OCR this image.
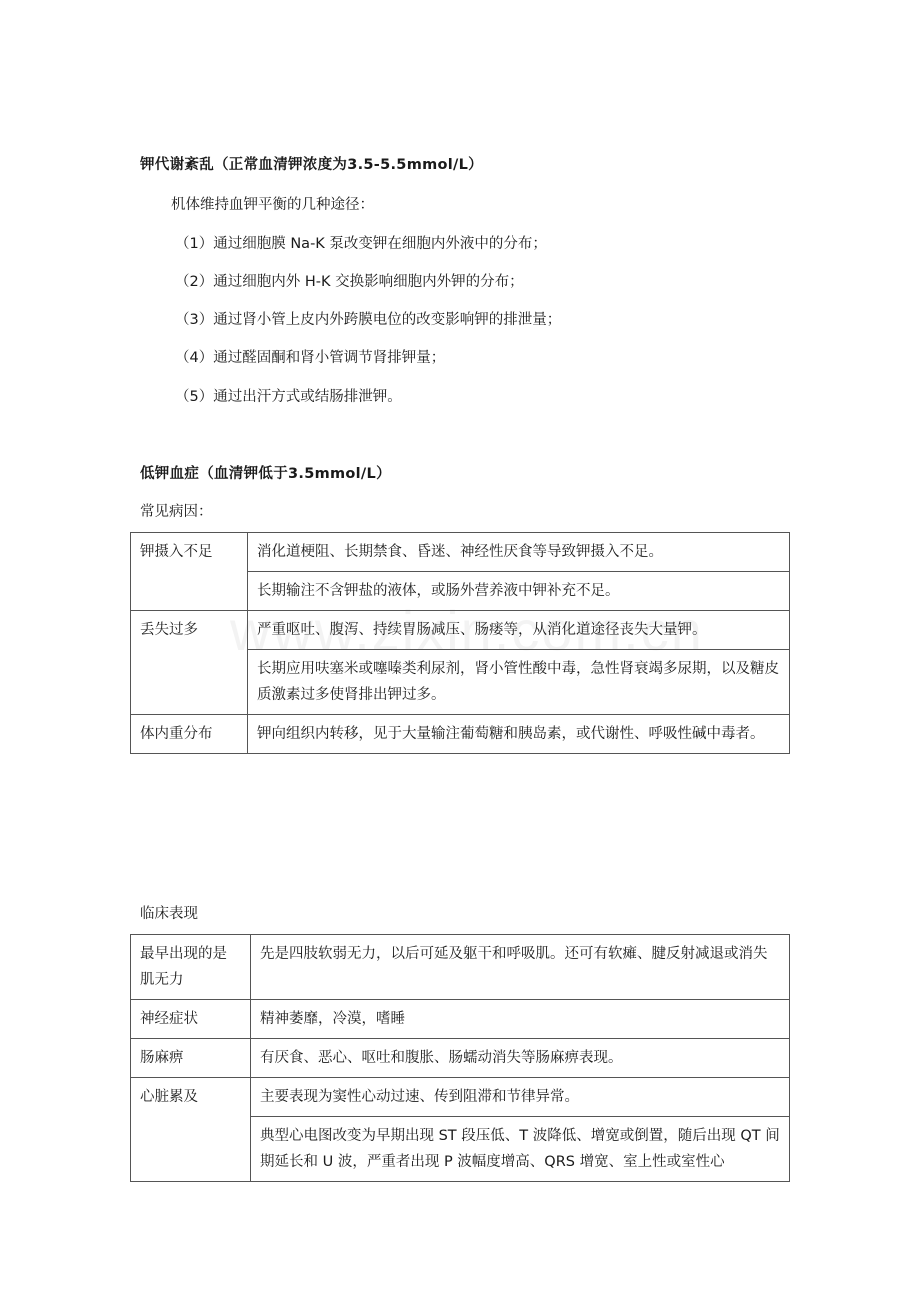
钾代谢紊乱（正常血清钾浓度为3.5-5.5mmol/L）
机体维持血钾平衡的几种途径：
（1）通过细胞膜 Na-K 泵改变钾在细胞内外液中的分布；
（2）通过细胞内外 H-K 交换影响细胞内外钾的分布；
（3）通过肾小管上皮内外跨膜电位的改变影响钾的排泄量；
（4）通过醛固酮和肾小管调节肾排钾量；
（5）通过出汗方式或结肠排泄钾。
低钾血症（血清钾低于3.5mmol/L）
常见病因：
钾摄入不足	消化道梗阻、长期禁食、昏迷、神经性厌食等导致钾摄入不足。
	长期输注不含钾盐的液体，或肠外营养液中钾补充不足。
丢失过多	严重呕吐、腹泻、持续胃肠减压、肠瘘等，从消化道途径丧失大量钾。
	长期应用呋塞米或噻嗪类利尿剂，肾小管性酸中毒，急性肾衰竭多尿期，以及糖皮质激素过多使肾排出钾过多。
体内重分布	钾向组织内转移，见于大量输注葡萄糖和胰岛素，或代谢性、呼吸性碱中毒者。
临床表现
最早出现的是肌无力	先是四肢软弱无力，以后可延及躯干和呼吸肌。还可有软瘫、腱反射减退或消失
神经症状	精神萎靡，冷漠，嗜睡
肠麻痹	有厌食、恶心、呕吐和腹胀、肠蠕动消失等肠麻痹表现。
心脏累及	主要表现为窦性心动过速、传到阻滞和节律异常。
	典型心电图改变为早期出现 ST 段压低、T 波降低、增宽或倒置，随后出现 QT 间期延长和 U 波，严重者出现 P 波幅度增高、QRS 增宽、室上性或室性心
